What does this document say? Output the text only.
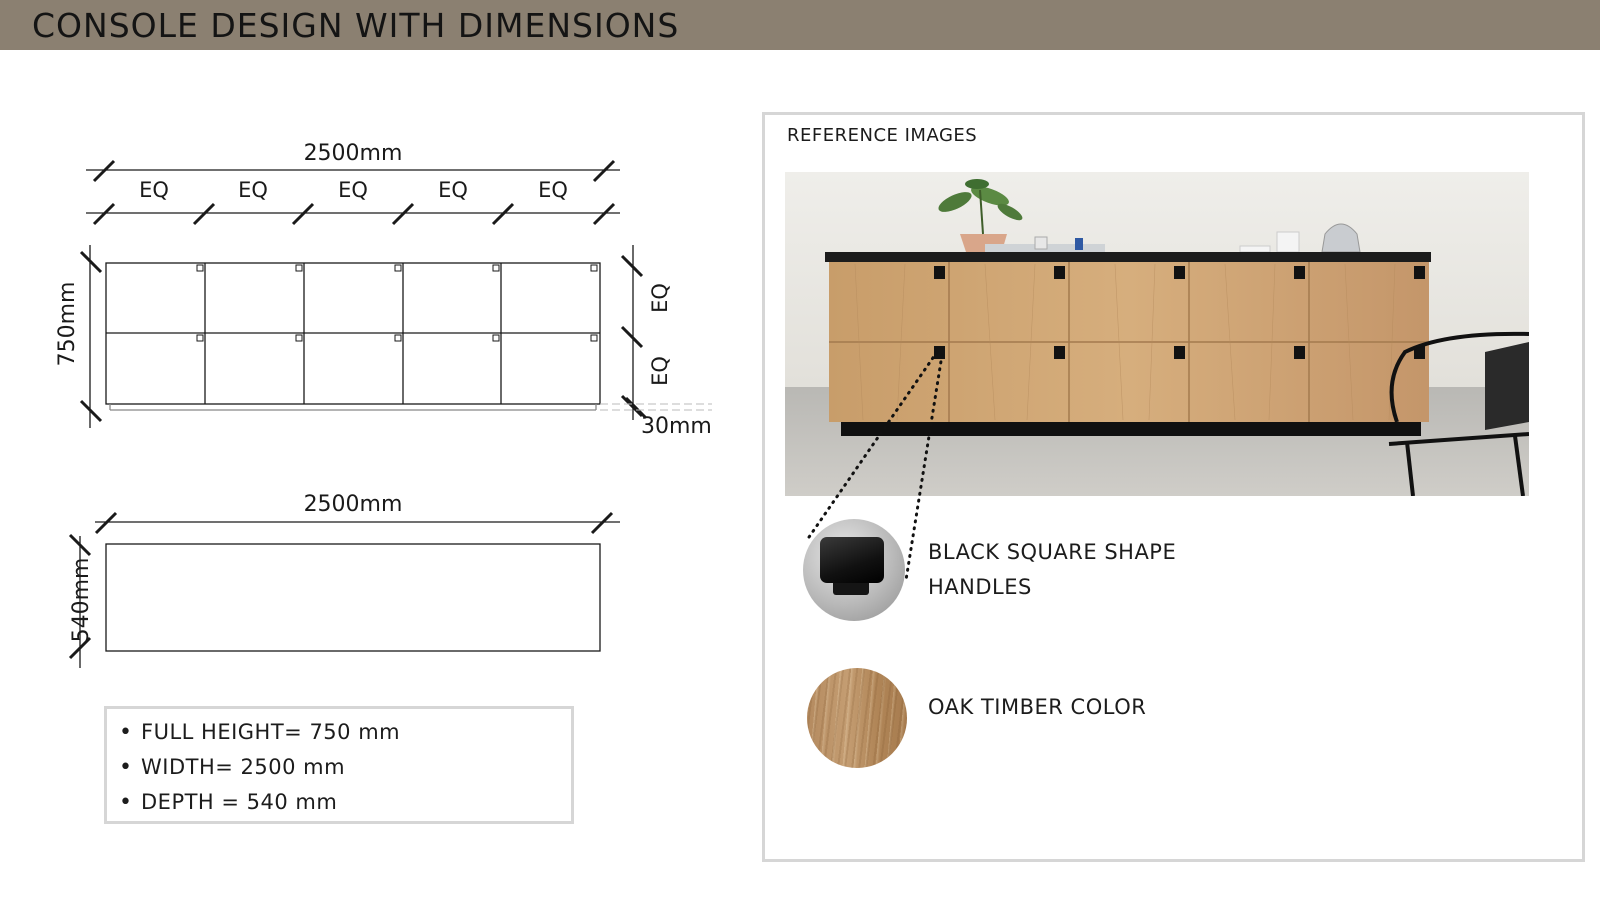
CONSOLE DESIGN WITH DIMENSIONS
2500mm
EQ	EQ	EQ	EQ	EQ
750mm	EQ
EQ
30mm
2500mm
540mm
• FULL HEIGHT= 750 mm
• WIDTH= 2500 mm
• DEPTH = 540 mm
REFERENCE IMAGES
BLACK SQUARE SHAPE
HANDLES
OAK TIMBER COLOR
